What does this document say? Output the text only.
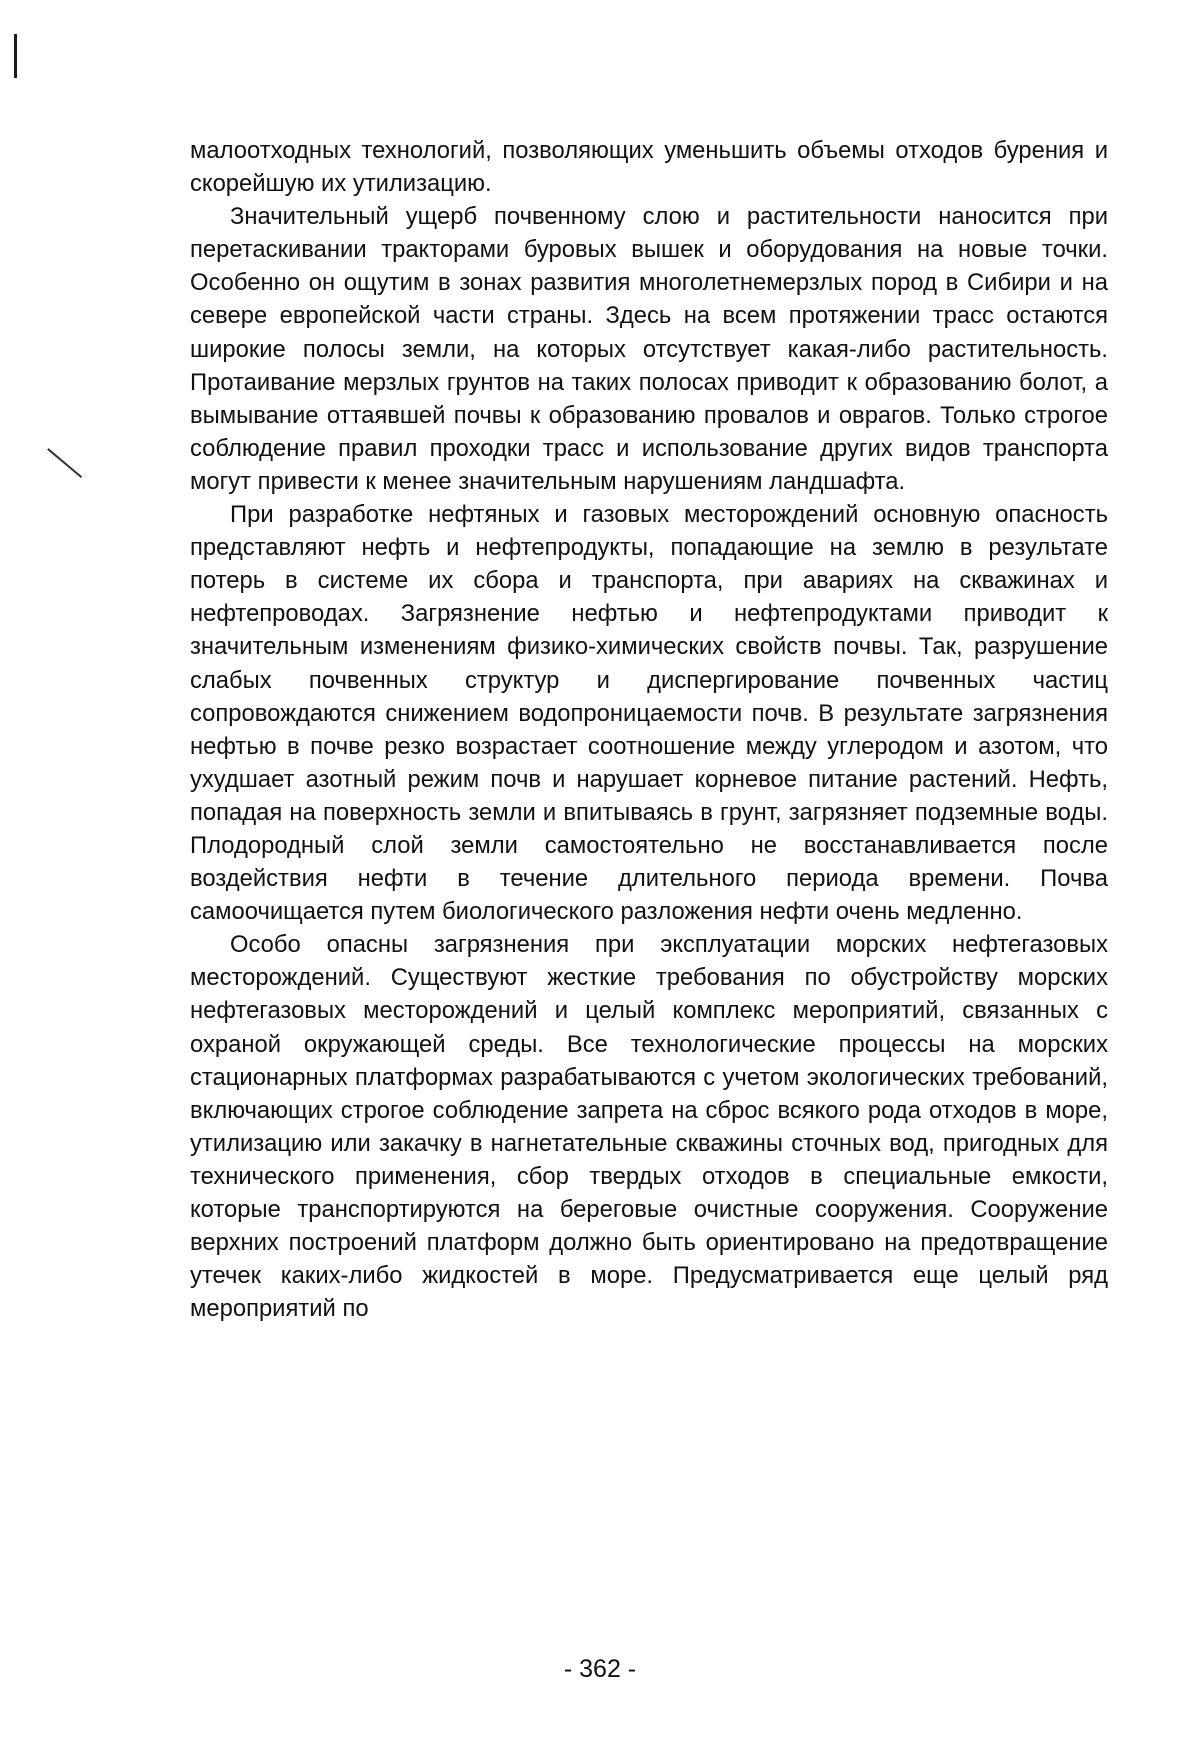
малоотходных технологий, позволяющих уменьшить объемы отходов бурения и скорейшую их утилизацию.

Значительный ущерб почвенному слою и растительности наносится при перетаскивании тракторами буровых вышек и оборудования на новые точки. Особенно он ощутим в зонах развития многолетнемерзлых пород в Сибири и на севере европейской части страны. Здесь на всем протяжении трасс остаются широкие полосы земли, на которых отсутствует какая-либо растительность. Протаивание мерзлых грунтов на таких полосах приводит к образованию болот, а вымывание оттаявшей почвы к образованию провалов и оврагов. Только строгое соблюдение правил проходки трасс и использование других видов транспорта могут привести к менее значительным нарушениям ландшафта.

При разработке нефтяных и газовых месторождений основную опасность представляют нефть и нефтепродукты, попадающие на землю в результате потерь в системе их сбора и транспорта, при авариях на скважинах и нефтепроводах. Загрязнение нефтью и нефтепродуктами приводит к значительным изменениям физико-химических свойств почвы. Так, разрушение слабых почвенных структур и диспергирование почвенных частиц сопровождаются снижением водопроницаемости почв. В результате загрязнения нефтью в почве резко возрастает соотношение между углеродом и азотом, что ухудшает азотный режим почв и нарушает корневое питание растений. Нефть, попадая на поверхность земли и впитываясь в грунт, загрязняет подземные воды. Плодородный слой земли самостоятельно не восстанавливается после воздействия нефти в течение длительного периода времени. Почва самоочищается путем биологического разложения нефти очень медленно.

Особо опасны загрязнения при эксплуатации морских нефтегазовых месторождений. Существуют жесткие требования по обустройству морских нефтегазовых месторождений и целый комплекс мероприятий, связанных с охраной окружающей среды. Все технологические процессы на морских стационарных платформах разрабатываются с учетом экологических требований, включающих строгое соблюдение запрета на сброс всякого рода отходов в море, утилизацию или закачку в нагнетательные скважины сточных вод, пригодных для технического применения, сбор твердых отходов в специальные емкости, которые транспортируются на береговые очистные сооружения. Сооружение верхних построений платформ должно быть ориентировано на предотвращение утечек каких-либо жидкостей в море. Предусматривается еще целый ряд мероприятий по

- 362 -
